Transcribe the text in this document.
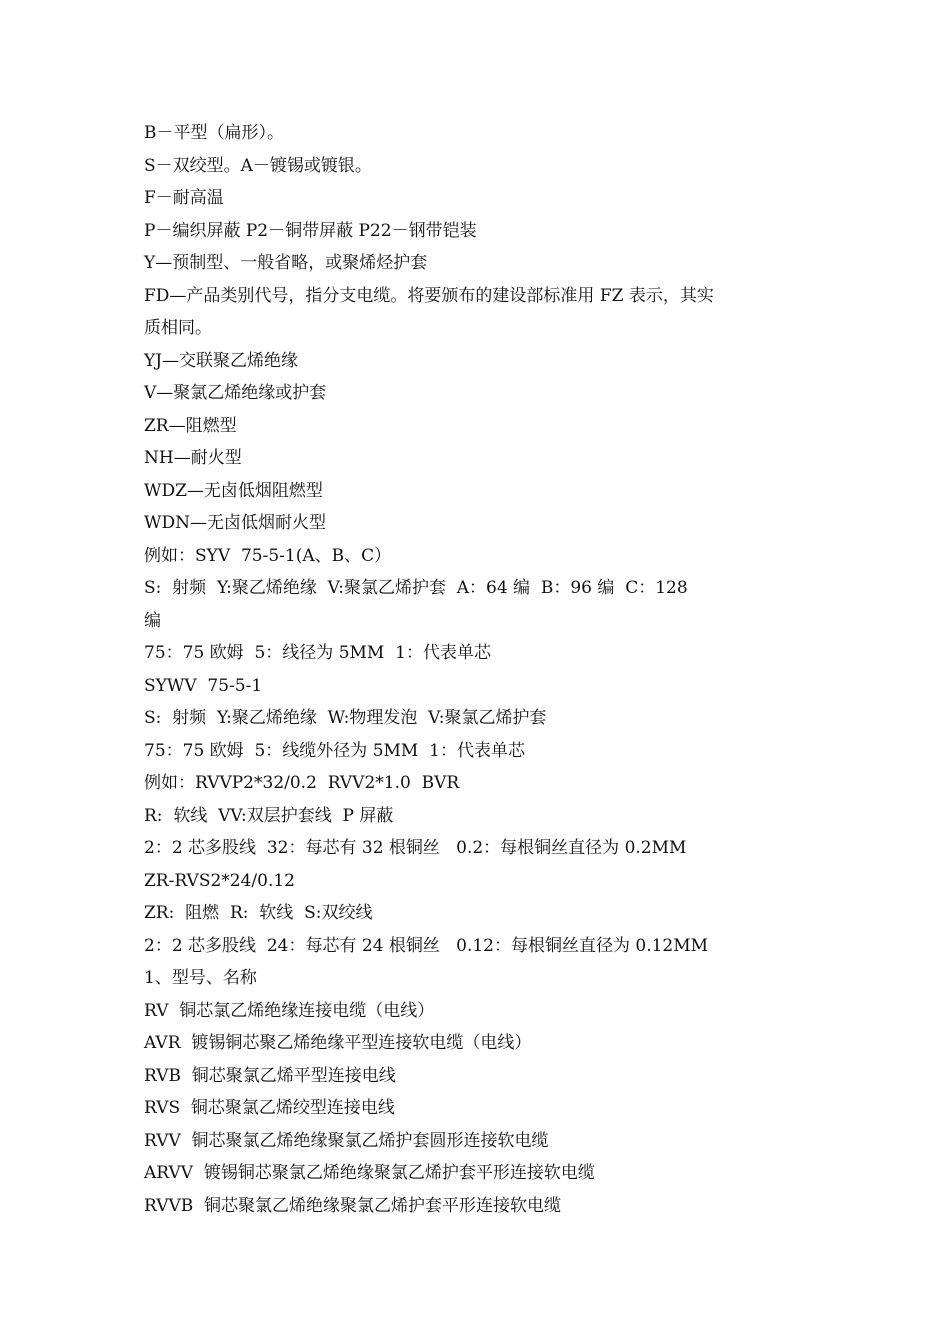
B－平型（扁形）。

S－双绞型。A－镀锡或镀银。

F－耐高温

P－编织屏蔽 P2－铜带屏蔽 P22－钢带铠装

Y—预制型、一般省略，或聚烯烃护套

FD—产品类别代号，指分支电缆。将要颁布的建设部标准用 FZ 表示，其实

质相同。

YJ—交联聚乙烯绝缘

V—聚氯乙烯绝缘或护套

ZR—阻燃型

NH—耐火型

WDZ—无卤低烟阻燃型

WDN—无卤低烟耐火型

例如：SYV  75-5-1(A、B、C）

S:  射频  Y:聚乙烯绝缘  V:聚氯乙烯护套  A：64 编  B：96 编  C：128

编

75：75 欧姆  5：线径为 5MM  1：代表单芯

SYWV  75-5-1

S:  射频  Y:聚乙烯绝缘  W:物理发泡  V:聚氯乙烯护套

75：75 欧姆  5：线缆外径为 5MM  1：代表单芯

例如：RVVP2*32/0.2  RVV2*1.0  BVR

R:  软线  VV:双层护套线  P 屏蔽

2：2 芯多股线  32：每芯有 32 根铜丝   0.2：每根铜丝直径为 0.2MM

ZR-RVS2*24/0.12

ZR:  阻燃  R:  软线  S:双绞线

2：2 芯多股线  24：每芯有 24 根铜丝   0.12：每根铜丝直径为 0.12MM

1、型号、名称

RV  铜芯氯乙烯绝缘连接电缆（电线）

AVR  镀锡铜芯聚乙烯绝缘平型连接软电缆（电线）

RVB  铜芯聚氯乙烯平型连接电线

RVS  铜芯聚氯乙烯绞型连接电线

RVV  铜芯聚氯乙烯绝缘聚氯乙烯护套圆形连接软电缆

ARVV  镀锡铜芯聚氯乙烯绝缘聚氯乙烯护套平形连接软电缆

RVVB  铜芯聚氯乙烯绝缘聚氯乙烯护套平形连接软电缆
